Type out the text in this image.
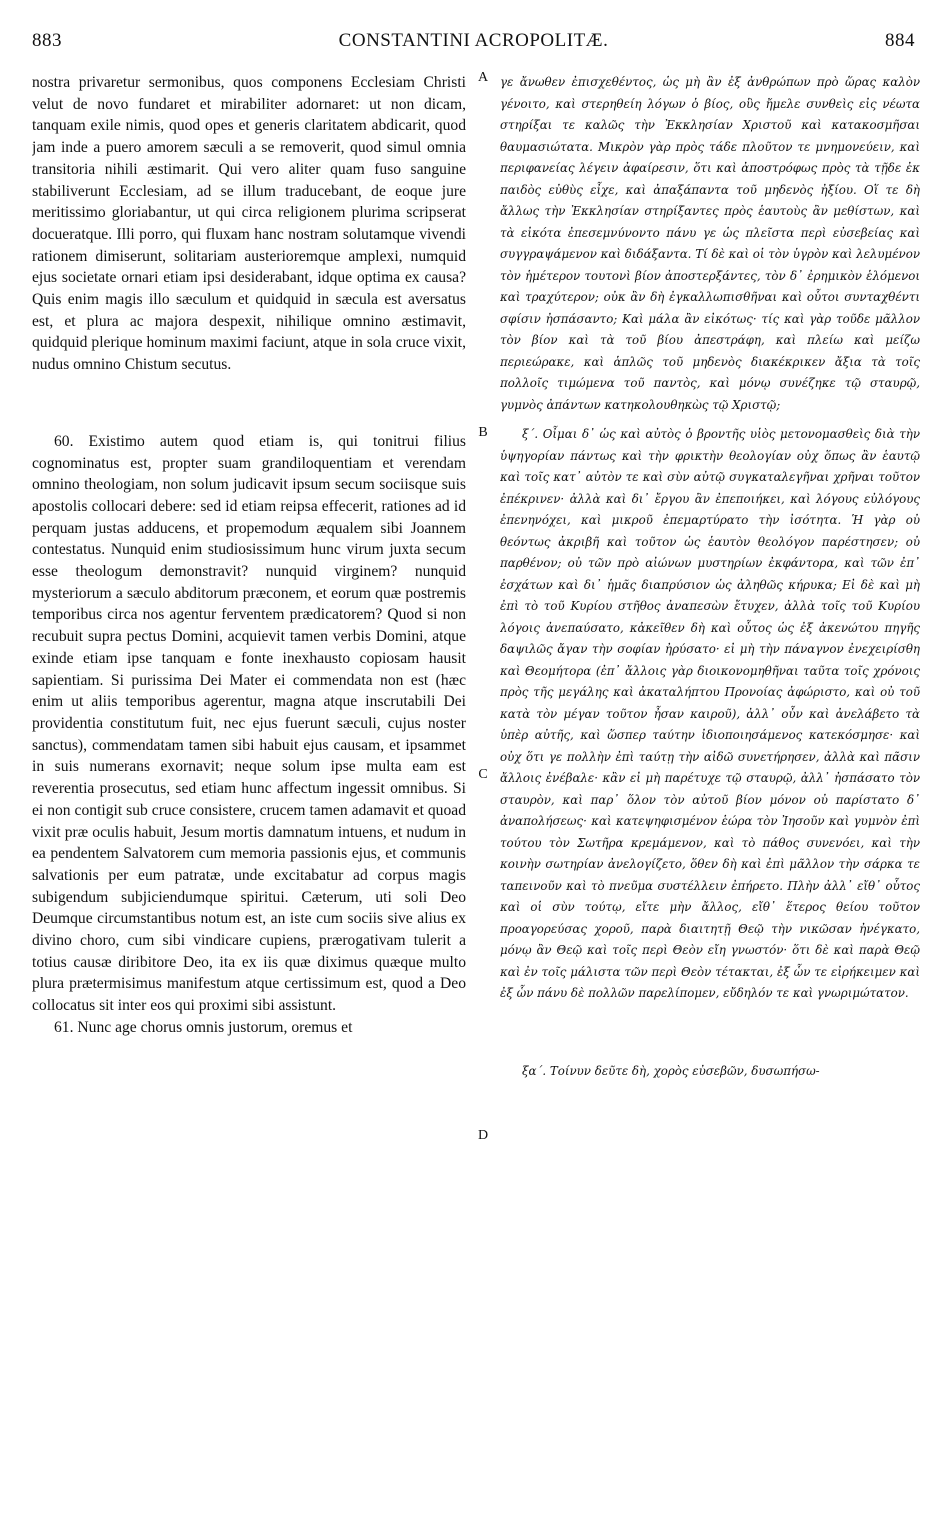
883	CONSTANTINI ACROPOLITÆ.	884

nostra privaretur sermonibus, quos componens Ecclesiam Christi velut de novo fundaret et mirabiliter adornaret: ut non dicam, tanquam exile nimis, quod opes et generis claritatem abdicarit, quod jam inde a puero amorem sæculi a se removerit, quod simul omnia transitoria nihili æstimarit. Qui vero aliter quam fuso sanguine stabiliverunt Ecclesiam, ad se illum traducebant, de eoque jure meritissimo gloriabantur, ut qui circa religionem plurima scripserat docueratque. Illi porro, qui fluxam hanc nostram solutamque vivendi rationem dimiserunt, solitariam austerioremque amplexi, numquid ejus societate ornari etiam ipsi desiderabant, idque optima ex causa? Quis enim magis illo sæculum et quidquid in sæcula est aversatus est, et plura ac majora despexit, nihilique omnino æstimavit, quidquid plerique hominum maximi faciunt, atque in sola cruce vixit, nudus omnino Chistum secutus.

60. Existimo autem quod etiam is, qui tonitrui filius cognominatus est, propter suam grandiloquentiam et verendam omnino theologiam, non solum judicavit ipsum secum sociisque suis apostolis collocari debere: sed id etiam reipsa effecerit, rationes ad id perquam justas adducens, et propemodum æqualem sibi Joannem contestatus. Nunquid enim studiosissimum hunc virum juxta secum esse theologum demonstravit? nunquid virginem? nunquid mysteriorum a sæculo abditorum præconem, et eorum quæ postremis temporibus circa nos agentur ferventem prædicatorem? Quod si non recubuit supra pectus Domini, acquievit tamen verbis Domini, atque exinde etiam ipse tanquam e fonte inexhausto copiosam hausit sapientiam. Si purissima Dei Mater ei commendata non est (hæc enim ut aliis temporibus agerentur, magna atque inscrutabili Dei providentia constitutum fuit, nec ejus fuerunt sæculi, cujus noster sanctus), commendatam tamen sibi habuit ejus causam, et ipsammet in suis numerans exornavit; neque solum ipse multa eam est reverentia prosecutus, sed etiam hunc affectum ingessit omnibus. Si ei non contigit sub cruce consistere, crucem tamen adamavit et quoad vixit præ oculis habuit, Jesum mortis damnatum intuens, et nudum in ea pendentem Salvatorem cum memoria passionis ejus, et communis salvationis per eum patratæ, unde excitabatur ad corpus magis subigendum subjiciendumque spiritui. Cæterum, uti soli Deo Deumque circumstantibus notum est, an iste cum sociis sive alius ex divino choro, cum sibi vindicare cupiens, prærogativam tulerit a totius causæ diribitore Deo, ita ex iis quæ diximus quæque multo plura prætermisimus manifestum atque certissimum est, quod a Deo collocatus sit inter eos qui proximi sibi assistunt.

61. Nunc age chorus omnis justorum, oremus et

A
B
C
D

γε ἄνωθεν ἐπισχεθέντος, ὡς μὴ ἂν ἐξ ἀνθρώπων πρὸ ὥρας καλὸν γένοιτο, καὶ στερηθείη λόγων ὁ βίος, οὓς ἤμελε συνθεὶς εἰς νέωτα στηρίξαι τε καλῶς τὴν Ἐκκλησίαν Χριστοῦ καὶ κατακοσμῆσαι θαυμασιώτατα. Μικρὸν γὰρ πρὸς τάδε πλοῦτον τε μνημονεύειν, καὶ περιφανείας λέγειν ἀφαίρεσιν, ὅτι καὶ ἀποστρόφως πρὸς τὰ τῇδε ἐκ παιδὸς εὐθὺς εἶχε, καὶ ἀπαξάπαντα τοῦ μηδενὸς ἠξίου. Οἵ τε δὴ ἄλλως τὴν Ἐκκλησίαν στηρίξαντες πρὸς ἑαυτοὺς ἂν μεθίστων, καὶ τὰ εἰκότα ἐπεσεμνύνοντο πάνυ γε ὡς πλεῖστα περὶ εὐσεβείας καὶ συγγραψάμενον καὶ διδάξαντα. Τί δὲ καὶ οἱ τὸν ὑγρὸν καὶ λελυμένον τὸν ἡμέτερον τουτονὶ βίον ἀποστερξάντες, τὸν δ᾽ ἐρημικὸν ἑλόμενοι καὶ τραχύτερον; οὐκ ἂν δὴ ἐγκαλλωπισθῆναι καὶ οὗτοι συνταχθέντι σφίσιν ἠσπάσαντο; Καὶ μάλα ἂν εἰκότως· τίς καὶ γὰρ τοῦδε μᾶλλον τὸν βίον καὶ τὰ τοῦ βίου ἀπεστράφη, καὶ πλείω καὶ μείζω περιεώρακε, καὶ ἁπλῶς τοῦ μηδενὸς διακέκρικεν ἄξια τὰ τοῖς πολλοῖς τιμώμενα τοῦ παντὸς, καὶ μόνῳ συνέζηκε τῷ σταυρῷ, γυμνὸς ἀπάντων κατηκολουθηκὼς τῷ Χριστῷ;

ξ´. Οἶμαι δ᾽ ὡς καὶ αὐτὸς ὁ βροντῆς υἱὸς μετονομασθεὶς διὰ τὴν ὑψηγορίαν πάντως καὶ τὴν φρικτὴν θεολογίαν οὐχ ὅπως ἂν ἑαυτῷ καὶ τοῖς κατ᾽ αὐτὸν τε καὶ σὺν αὐτῷ συγκαταλεγῆναι χρῆναι τοῦτον ἐπέκρινεν· ἀλλὰ καὶ δι᾽ ἔργου ἂν ἐπεποιήκει, καὶ λόγους εὐλόγους ἐπενηνόχει, καὶ μικροῦ ἐπεμαρτύρατο τὴν ἰσότητα. Ἡ γὰρ οὐ θεόντως ἀκριβῆ καὶ τοῦτον ὡς ἑαυτὸν θεολόγον παρέστησεν; οὐ παρθένον; οὐ τῶν πρὸ αἰώνων μυστηρίων ἐκφάντορα, καὶ τῶν ἐπ᾽ ἐσχάτων καὶ δι᾽ ἡμᾶς διαπρύσιον ὡς ἀληθῶς κήρυκα; Εἰ δὲ καὶ μὴ ἐπὶ τὸ τοῦ Κυρίου στῆθος ἀναπεσὼν ἔτυχεν, ἀλλὰ τοῖς τοῦ Κυρίου λόγοις ἀνεπαύσατο, κἀκεῖθεν δὴ καὶ οὗτος ὡς ἐξ ἀκενώτου πηγῆς δαψιλῶς ἄγαν τὴν σοφίαν ἠρύσατο· εἰ μὴ τὴν πάναγνον ἐνεχειρίσθη καὶ Θεομήτορα (ἐπ᾽ ἄλλοις γὰρ διοικονομηθῆναι ταῦτα τοῖς χρόνοις πρὸς τῆς μεγάλης καὶ ἀκαταλήπτου Προνοίας ἀφώριστο, καὶ οὐ τοῦ κατὰ τὸν μέγαν τοῦτον ἦσαν καιροῦ), ἀλλ᾽ οὖν καὶ ἀνελάβετο τὰ ὑπὲρ αὐτῆς, καὶ ὥσπερ ταύτην ἰδιοποιησάμενος κατεκόσμησε· καὶ οὐχ ὅτι γε πολλὴν ἐπὶ ταύτῃ τὴν αἰδῶ συνετήρησεν, ἀλλὰ καὶ πᾶσιν ἄλλοις ἐνέβαλε· κἂν εἰ μὴ παρέτυχε τῷ σταυρῷ, ἀλλ᾽ ἠσπάσατο τὸν σταυρὸν, καὶ παρ᾽ ὅλον τὸν αὐτοῦ βίον μόνον οὐ παρίστατο δ᾽ ἀναπολήσεως· καὶ κατεψηφισμένον ἑώρα τὸν Ἰησοῦν καὶ γυμνὸν ἐπὶ τούτου τὸν Σωτῆρα κρεμάμενον, καὶ τὸ πάθος συνενόει, καὶ τὴν κοινὴν σωτηρίαν ἀνελογίζετο, ὅθεν δὴ καὶ ἐπὶ μᾶλλον τὴν σάρκα τε ταπεινοῦν καὶ τὸ πνεῦμα συστέλλειν ἐπήρετο. Πλὴν ἀλλ᾽ εἴθ᾽ οὗτος καὶ οἱ σὺν τούτῳ, εἴτε μὴν ἄλλος, εἴθ᾽ ἕτερος θείου τοῦτον προαγορεύσας χοροῦ, παρὰ διαιτητῇ Θεῷ τὴν νικῶσαν ἠνέγκατο, μόνῳ ἂν Θεῷ καὶ τοῖς περὶ Θεὸν εἴη γνωστόν· ὅτι δὲ καὶ παρὰ Θεῷ καὶ ἐν τοῖς μάλιστα τῶν περὶ Θεὸν τέτακται, ἐξ ὧν τε εἰρήκειμεν καὶ ἐξ ὧν πάνυ δὲ πολλῶν παρελίπομεν, εὔδηλόν τε καὶ γνωριμώτατον.

ξα´. Τοίνυν δεῦτε δὴ, χορὸς εὐσεβῶν, δυσωπήσω-
